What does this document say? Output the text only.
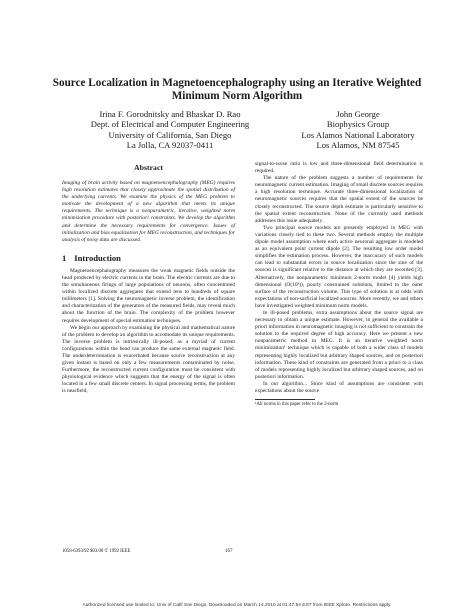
Source Localization in Magnetoencephalography using an Iterative Weighted Minimum Norm Algorithm
Irina F. Gorodnitsky and Bhaskar D. Rao
Dept. of Electrical and Computer Engineering
University of California, San Diego
La Jolla, CA 92037-0411
John George
Biophysics Group
Los Alamos National Laboratory
Los Alamos, NM 87545
Abstract
Imaging of brain activity based on magnetoencephalography (MEG) requires high resolution estimates that closely approximate the spatial distribution of the underlying currents. We examine the physics of the MEG problem to motivate the development of a new algorithm that meets its unique requirements. The technique is a nonparametric, iterative, weighted norm minimization procedure with posteriori constraints. We develop the algorithm and determine the necessary requirements for convergence. Issues of initialization and bias equalization for MEG reconstruction, and techniques for analysis of noisy data are discussed.
1 Introduction

Magnetoencephalography measures the weak magnetic fields outside the head produced by electric currents in the brain. The electric currents are due to the simultaneous firings of large populations of neurons, often concentrated within localized discrete aggregates that extend tens to hundreds of square millimeters [1]. Solving the neuromagnetic inverse problem, the identification and characterization of the generators of the measured fields, may reveal much about the function of the brain. The complexity of the problem however requires development of special estimation techniques.

We begin our approach by examining the physical and mathematical nature of the problem to develop an algorithm to accomodate its unique requirements. The inverse problem is intrinsically ill-posed, as a myriad of current configurations within the head can produce the same external magnetic field. The underdetermination is exacerbated because source reconstruction at any given instant is based on only a few measurements contaminated by noise. Furthermore, the reconstructed current configuration must be consistent with physiological evidence which suggests that the energy of the signal is often located in a few small discrete centers. In signal processing terms, the problem is nearfield,

signal-to-noise ratio is low and three-dimensional field determination is required.

The nature of the problem suggests a number of requirements for neuromagnetic current estimation. Imaging of small discrete sources requires a high resolution technique. Accurate three-dimensional localization of neuromagnetic sources requires that the spatial extent of the sources be closely reconstructed. The source depth estimate is particularly sensitive to the spatial extent reconstruction. None of the currently used methods addresses this issue adequately.

Two principal source models are presently employed in MEG with variations closely tied to these two. Several methods employ the multiple dipole model assumption where each active neuronal aggregate is modeled as an equivalent point current dipole [2]. The resulting low order model simplifies the estimation process. However, the inaccuracy of such models can lead to substantial errors in source localization since the sine of the sources is significant relative to the distance at which they are recorded [3]. Alternatively, the nonparametric minimum 2-norm model [4] yields high dimensional (O(10³)), poorly constrained solutions, limited to the outer surface of the reconstruction volume. This type of solution is at odds with expectations of non-surficial localized sources. More recently, we and others have investigated weighted minimum norm models.

In ill-posed problems, extra assumptions about the source signal are necessary to obtain a unique estimate. However, in general the available a priori information in neuromagnetic imaging is not sufficient to constrain the solution to the required degree of high accuracy. Here we present a new nonparametric method in MEG. It is an iterative weighted norm minimization¹ technique which is capable of both a wider class of models representing highly localized but arbitrary shaped sources, and on posteriori information. These kind of constraints are generated from a priori to a class of models representing highly localized but arbitrary shaped sources, and on posteriori information.

In our algorithm... Since kind of assumptions are consistent with expectations about the source

¹All norms in this paper refer to the 2-norm
1058-6393/92 $03.00 © 1992 IEEE	167
Authorized licensed use limited to: Univ of Calif San Diego. Downloaded on March 14,2010 at 01:47:54 EST from IEEE Xplore. Restrictions apply.
